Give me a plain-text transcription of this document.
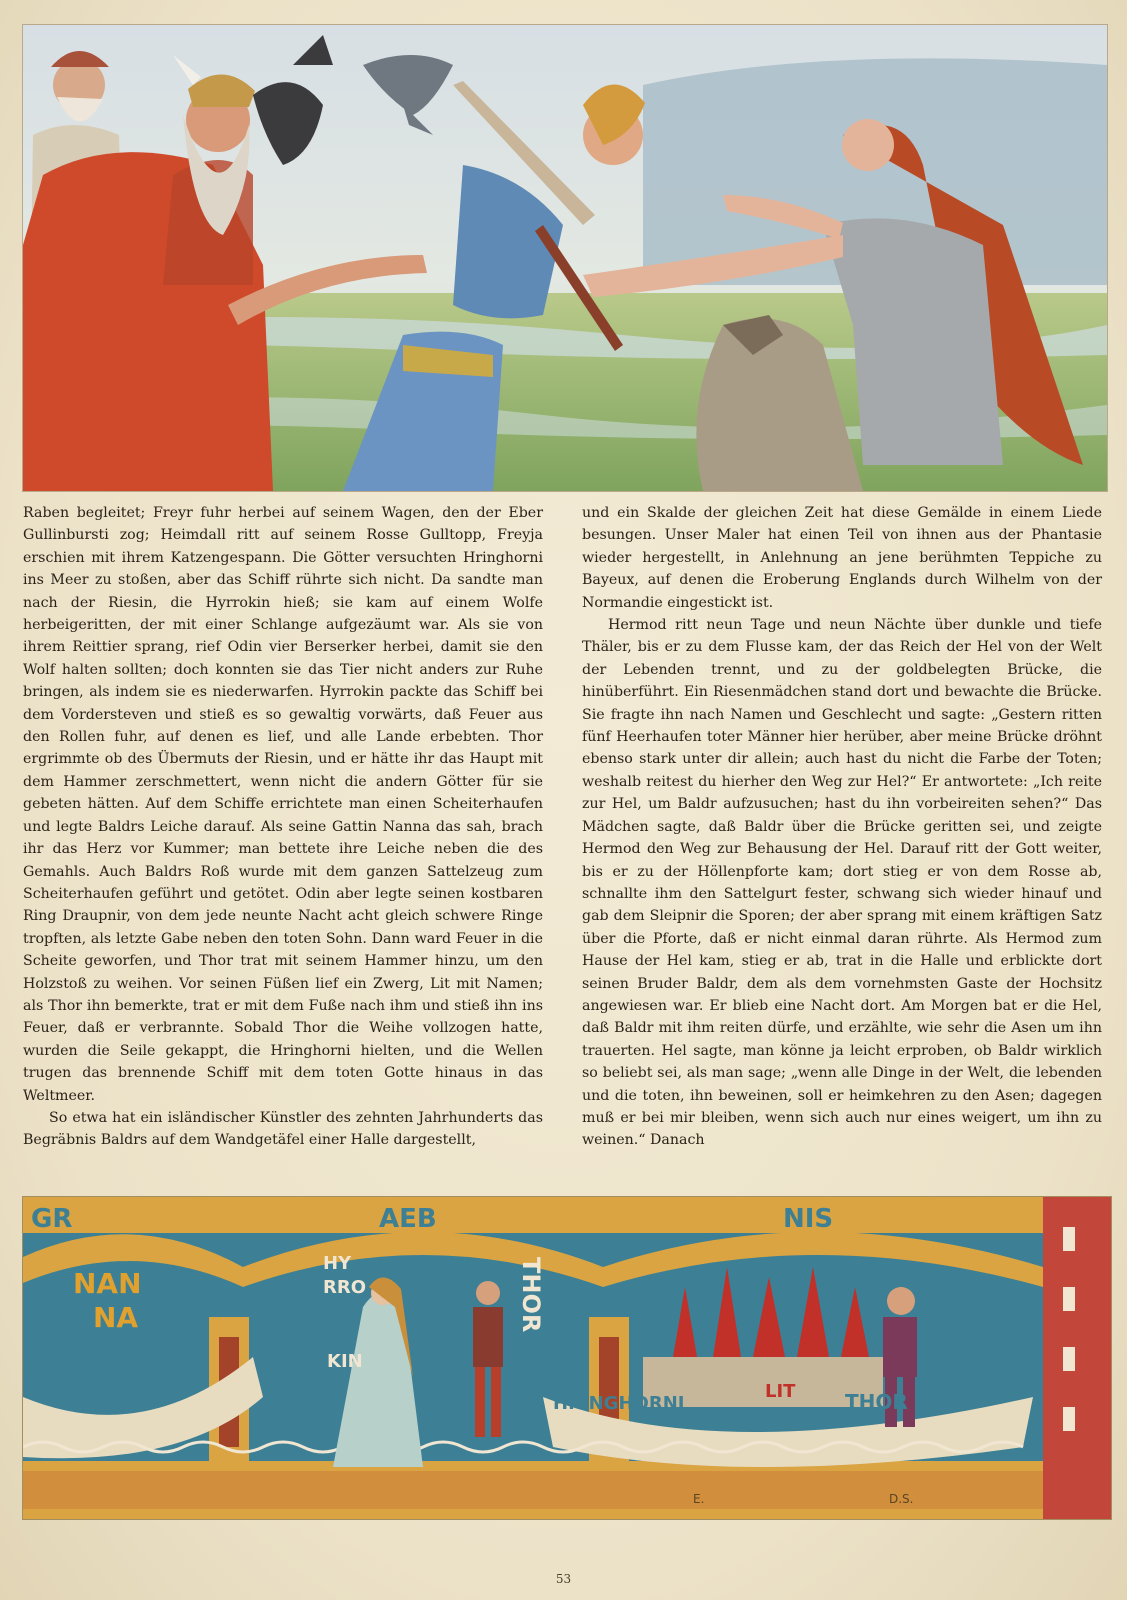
Raben begleitet; Freyr fuhr herbei auf seinem Wagen, den der Eber Gullinbursti zog; Heimdall ritt auf seinem Rosse Gulltopp, Freyja erschien mit ihrem Katzengespann. Die Götter versuchten Hringhorni ins Meer zu stoßen, aber das Schiff rührte sich nicht. Da sandte man nach der Riesin, die Hyrrokin hieß; sie kam auf einem Wolfe herbeigeritten, der mit einer Schlange aufgezäumt war. Als sie von ihrem Reittier sprang, rief Odin vier Berserker herbei, damit sie den Wolf halten sollten; doch konnten sie das Tier nicht anders zur Ruhe bringen, als indem sie es niederwarfen. Hyrrokin packte das Schiff bei dem Vordersteven und stieß es so gewaltig vorwärts, daß Feuer aus den Rollen fuhr, auf denen es lief, und alle Lande erbebten. Thor ergrimmte ob des Übermuts der Riesin, und er hätte ihr das Haupt mit dem Hammer zerschmettert, wenn nicht die andern Götter für sie gebeten hätten. Auf dem Schiffe errichtete man einen Scheiterhaufen und legte Baldrs Leiche darauf. Als seine Gattin Nanna das sah, brach ihr das Herz vor Kummer; man bettete ihre Leiche neben die des Gemahls. Auch Baldrs Roß wurde mit dem ganzen Sattelzeug zum Scheiterhaufen geführt und getötet. Odin aber legte seinen kostbaren Ring Draupnir, von dem jede neunte Nacht acht gleich schwere Ringe tropften, als letzte Gabe neben den toten Sohn. Dann ward Feuer in die Scheite geworfen, und Thor trat mit seinem Hammer hinzu, um den Holzstoß zu weihen. Vor seinen Füßen lief ein Zwerg, Lit mit Namen; als Thor ihn bemerkte, trat er mit dem Fuße nach ihm und stieß ihn ins Feuer, daß er verbrannte. Sobald Thor die Weihe vollzogen hatte, wurden die Seile gekappt, die Hringhorni hielten, und die Wellen trugen das brennende Schiff mit dem toten Gotte hinaus in das Weltmeer.

So etwa hat ein isländischer Künstler des zehnten Jahrhunderts das Begräbnis Baldrs auf dem Wandgetäfel einer Halle dargestellt,

und ein Skalde der gleichen Zeit hat diese Gemälde in einem Liede besungen. Unser Maler hat einen Teil von ihnen aus der Phantasie wieder hergestellt, in Anlehnung an jene berühmten Teppiche zu Bayeux, auf denen die Eroberung Englands durch Wilhelm von der Normandie eingestickt ist.

Hermod ritt neun Tage und neun Nächte über dunkle und tiefe Thäler, bis er zu dem Flusse kam, der das Reich der Hel von der Welt der Lebenden trennt, und zu der goldbelegten Brücke, die hinüberführt. Ein Riesenmädchen stand dort und bewachte die Brücke. Sie fragte ihn nach Namen und Geschlecht und sagte: „Gestern ritten fünf Heerhaufen toter Männer hier herüber, aber meine Brücke dröhnt ebenso stark unter dir allein; auch hast du nicht die Farbe der Toten; weshalb reitest du hierher den Weg zur Hel?“ Er antwortete: „Ich reite zur Hel, um Baldr aufzusuchen; hast du ihn vorbeireiten sehen?“ Das Mädchen sagte, daß Baldr über die Brücke geritten sei, und zeigte Hermod den Weg zur Behausung der Hel. Darauf ritt der Gott weiter, bis er zu der Höllenpforte kam; dort stieg er von dem Rosse ab, schnallte ihm den Sattelgurt fester, schwang sich wieder hinauf und gab dem Sleipnir die Sporen; der aber sprang mit einem kräftigen Satz über die Pforte, daß er nicht einmal daran rührte. Als Hermod zum Hause der Hel kam, stieg er ab, trat in die Halle und erblickte dort seinen Bruder Baldr, dem als dem vornehmsten Gaste der Hochsitz angewiesen war. Er blieb eine Nacht dort. Am Morgen bat er die Hel, daß Baldr mit ihm reiten dürfe, und erzählte, wie sehr die Asen um ihn trauerten. Hel sagte, man könne ja leicht erproben, ob Baldr wirklich so beliebt sei, als man sage; „wenn alle Dinge in der Welt, die lebenden und die toten, ihn beweinen, soll er heimkehren zu den Asen; dagegen muß er bei mir bleiben, wenn sich auch nur eines weigert, um ihn zu weinen.“ Danach

GR	AEB	NIS
NAN
NA
HY
RRO
KIN
THOR
RNI
HRINGHORNI
LIT THOR
E.	D.S.
53
